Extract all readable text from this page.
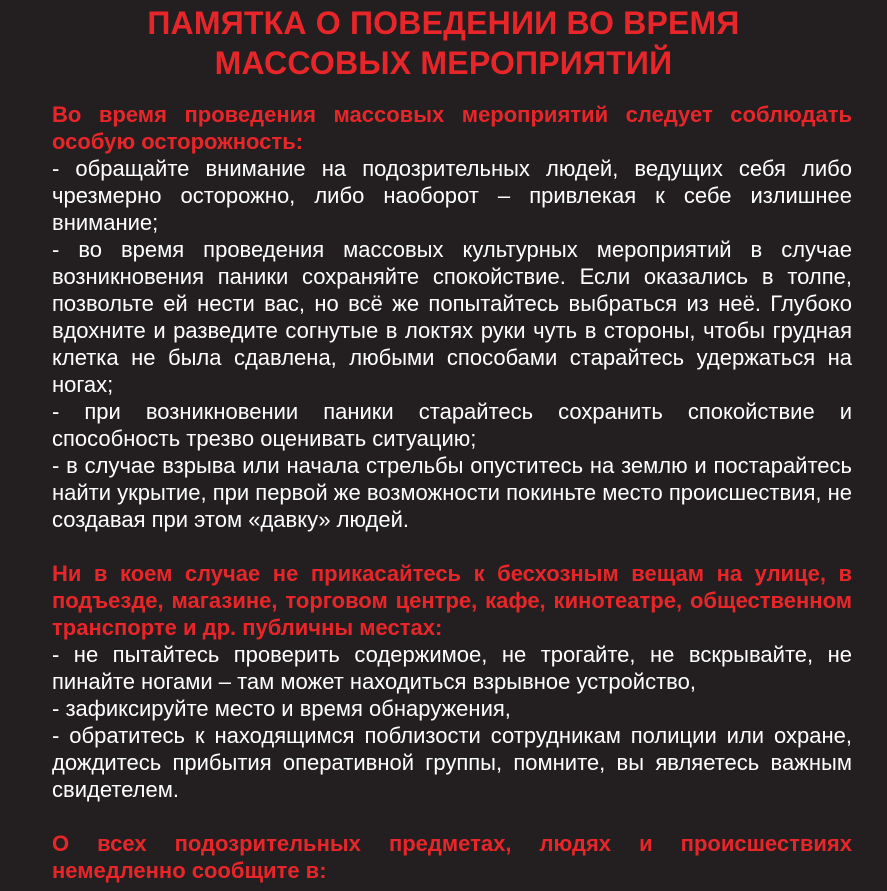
ПАМЯТКА О ПОВЕДЕНИИ ВО ВРЕМЯ
МАССОВЫХ МЕРОПРИЯТИЙ

Во время проведения массовых мероприятий следует соблюдать особую осторожность:

- обращайте внимание на подозрительных людей, ведущих себя либо чрезмерно осторожно, либо наоборот – привлекая к себе излишнее внимание;

- во время проведения массовых культурных мероприятий в случае возникновения паники сохраняйте спокойствие. Если оказались в толпе, позвольте ей нести вас, но всё же попытайтесь выбраться из неё. Глубоко вдохните и разведите согнутые в локтях руки чуть в стороны, чтобы грудная клетка не была сдавлена, любыми способами старайтесь удержаться на ногах;

- при возникновении паники старайтесь сохранить спокойствие и способность трезво оценивать ситуацию;

- в случае взрыва или начала стрельбы опуститесь на землю и постарайтесь найти укрытие, при первой же возможности покиньте место происшествия, не создавая при этом «давку» людей.

Ни в коем случае не прикасайтесь к бесхозным вещам на улице, в подъезде, магазине, торговом центре, кафе, кинотеатре, общественном транспорте и др. публичны местах:

- не пытайтесь проверить содержимое, не трогайте, не вскрывайте, не пинайте ногами – там может находиться взрывное устройство,

- зафиксируйте место и время обнаружения,

- обратитесь к находящимся поблизости сотрудникам полиции или охране, дождитесь прибытия оперативной группы, помните, вы являетесь важным свидетелем.

О всех подозрительных предметах, людях и происшествиях немедленно сообщите в:
